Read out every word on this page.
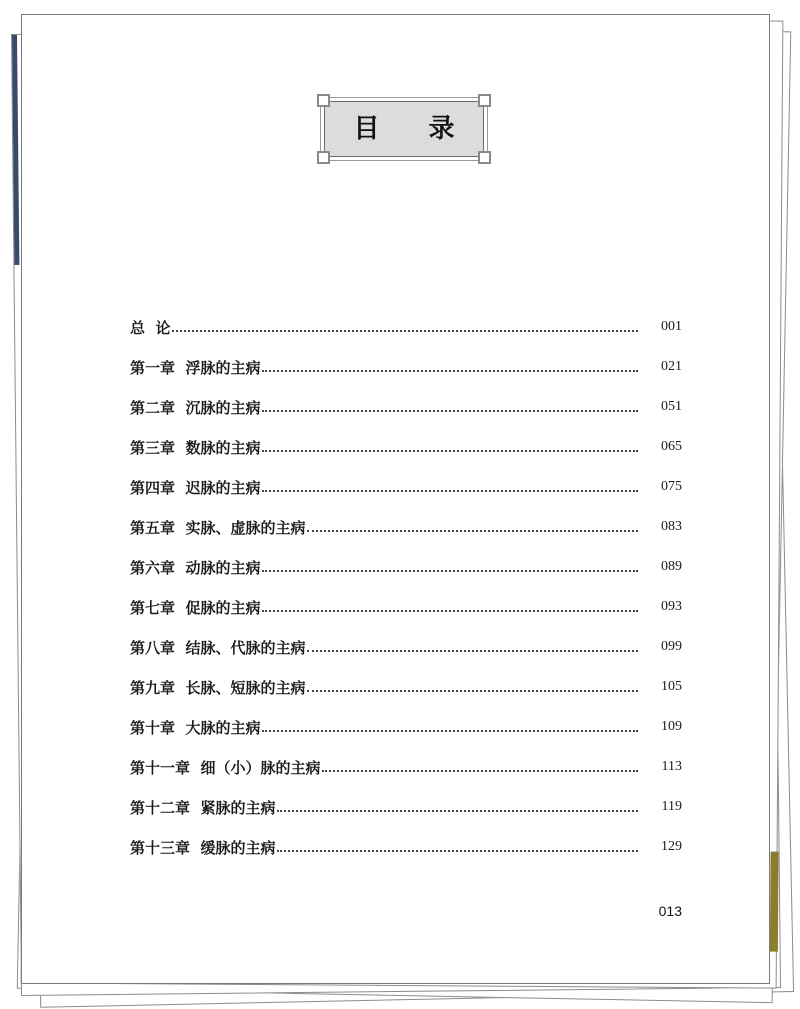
目 录
总  论	001
第一章  浮脉的主病	021
第二章  沉脉的主病	051
第三章  数脉的主病	065
第四章  迟脉的主病	075
第五章  实脉、虚脉的主病	083
第六章  动脉的主病	089
第七章  促脉的主病	093
第八章  结脉、代脉的主病	099
第九章  长脉、短脉的主病	105
第十章  大脉的主病	109
第十一章  细（小）脉的主病	113
第十二章  紧脉的主病	119
第十三章  缓脉的主病	129
013
